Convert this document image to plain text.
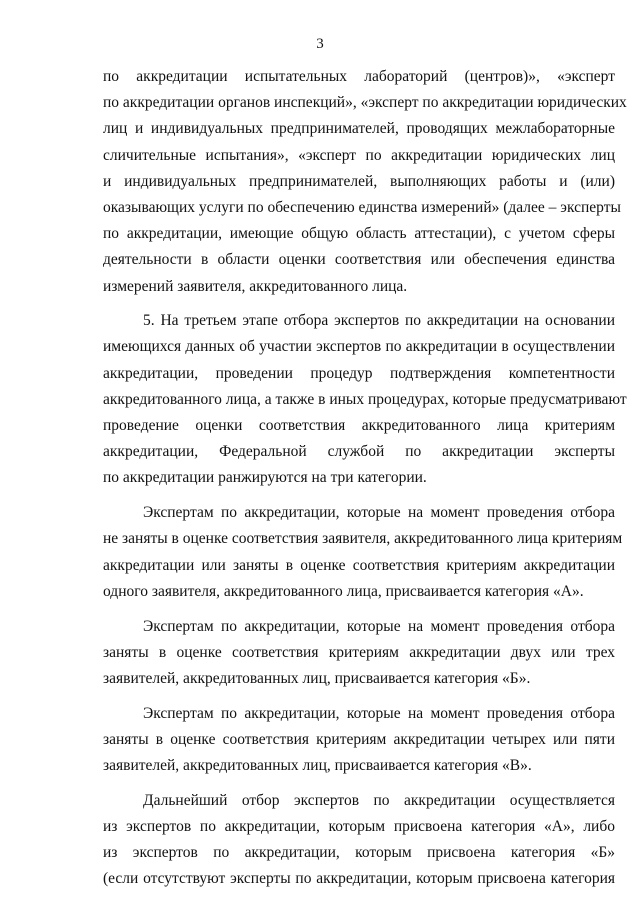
3
по аккредитации испытательных лабораторий (центров)», «эксперт
по аккредитации органов инспекций», «эксперт по аккредитации юридических
лиц и индивидуальных предпринимателей, проводящих межлабораторные
сличительные испытания», «эксперт по аккредитации юридических лиц
и индивидуальных предпринимателей, выполняющих работы и (или)
оказывающих услуги по обеспечению единства измерений» (далее – эксперты
по аккредитации, имеющие общую область аттестации), с учетом сферы
деятельности в области оценки соответствия или обеспечения единства
измерений заявителя, аккредитованного лица.
5. На третьем этапе отбора экспертов по аккредитации на основании
имеющихся данных об участии экспертов по аккредитации в осуществлении
аккредитации, проведении процедур подтверждения компетентности
аккредитованного лица, а также в иных процедурах, которые предусматривают
проведение оценки соответствия аккредитованного лица критериям
аккредитации, Федеральной службой по аккредитации эксперты
по аккредитации ранжируются на три категории.
Экспертам по аккредитации, которые на момент проведения отбора
не заняты в оценке соответствия заявителя, аккредитованного лица критериям
аккредитации или заняты в оценке соответствия критериям аккредитации
одного заявителя, аккредитованного лица, присваивается категория «А».
Экспертам по аккредитации, которые на момент проведения отбора
заняты в оценке соответствия критериям аккредитации двух или трех
заявителей, аккредитованных лиц, присваивается категория «Б».
Экспертам по аккредитации, которые на момент проведения отбора
заняты в оценке соответствия критериям аккредитации четырех или пяти
заявителей, аккредитованных лиц, присваивается категория «В».
Дальнейший отбор экспертов по аккредитации осуществляется
из экспертов по аккредитации, которым присвоена категория «А», либо
из экспертов по аккредитации, которым присвоена категория «Б»
(если отсутствуют эксперты по аккредитации, которым присвоена категория
